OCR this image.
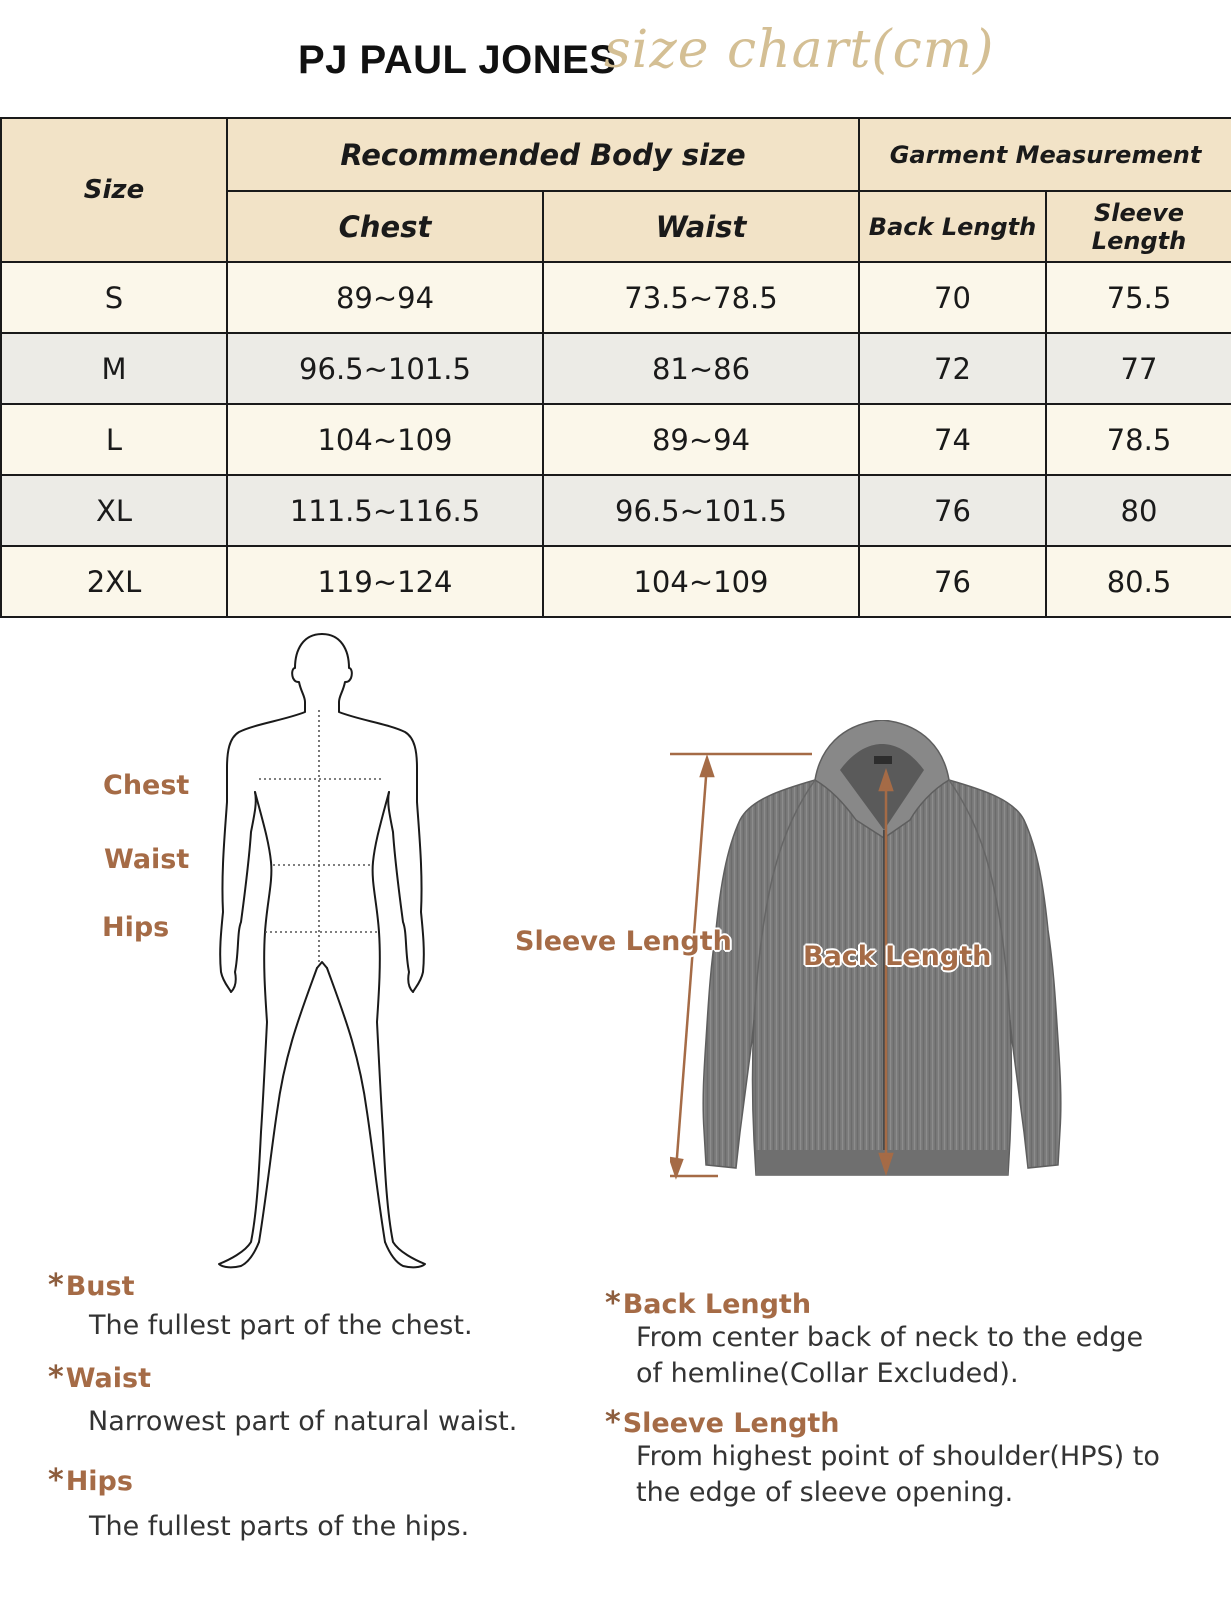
PJ PAUL JONES
size chart(cm)
Size	Recommended Body size		Garment Measurement	
	Chest	Waist	Back Length	Sleeve Length
S	89~94	73.5~78.5	70	75.5
M	96.5~101.5	81~86	72	77
L	104~109	89~94	74	78.5
XL	111.5~116.5	96.5~101.5	76	80
2XL	119~124	104~109	76	80.5
Chest
Waist
Hips	Sleeve Length	Back Length
*Bust
The fullest part of the chest.
*Waist
Narrowest part of natural waist.
*Hips
The fullest parts of the hips.
*Back Length
From center back of neck to the edge
of hemline(Collar Excluded).
*Sleeve Length
From highest point of shoulder(HPS) to
the edge of sleeve opening.
